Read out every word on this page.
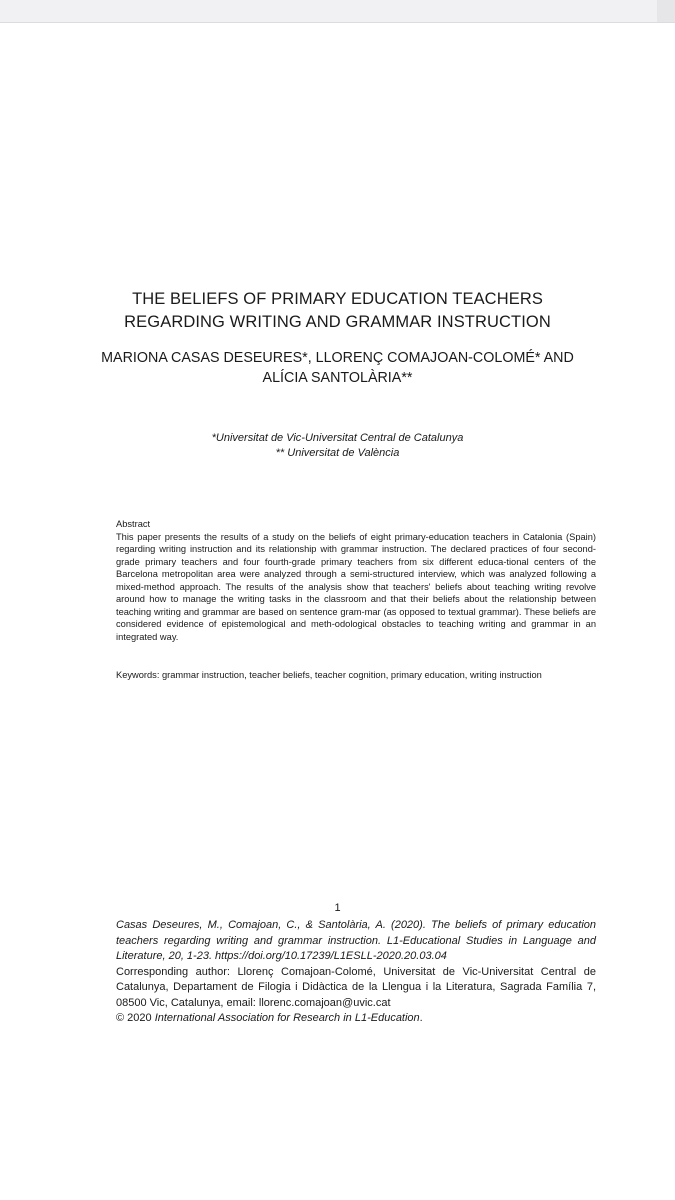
THE BELIEFS OF PRIMARY EDUCATION TEACHERS
REGARDING WRITING AND GRAMMAR INSTRUCTION
MARIONA CASAS DESEURES*, LLORENÇ COMAJOAN-COLOMÉ* AND
ALÍCIA SANTOLÀRIA**
*Universitat de Vic-Universitat Central de Catalunya
** Universitat de València
Abstract
This paper presents the results of a study on the beliefs of eight primary-education teachers in Catalonia (Spain) regarding writing instruction and its relationship with grammar instruction. The declared practices of four second-grade primary teachers and four fourth-grade primary teachers from six different educa-tional centers of the Barcelona metropolitan area were analyzed through a semi-structured interview, which was analyzed following a mixed-method approach. The results of the analysis show that teachers' beliefs about teaching writing revolve around how to manage the writing tasks in the classroom and that their beliefs about the relationship between teaching writing and grammar are based on sentence gram-mar (as opposed to textual grammar). These beliefs are considered evidence of epistemological and meth-odological obstacles to teaching writing and grammar in an integrated way.
Keywords: grammar instruction, teacher beliefs, teacher cognition, primary education, writing instruction
1

Casas Deseures, M., Comajoan, C., & Santolària, A. (2020). The beliefs of primary education teachers regarding writing and grammar instruction. L1-Educational Studies in Language and Literature, 20, 1-23. https://doi.org/10.17239/L1ESLL-2020.20.03.04

Corresponding author: Llorenç Comajoan-Colomé, Universitat de Vic-Universitat Central de Catalunya, Departament de Filogia i Didàctica de la Llengua i la Literatura, Sagrada Família 7, 08500 Vic, Catalunya, email: llorenc.comajoan@uvic.cat

© 2020 International Association for Research in L1-Education.
